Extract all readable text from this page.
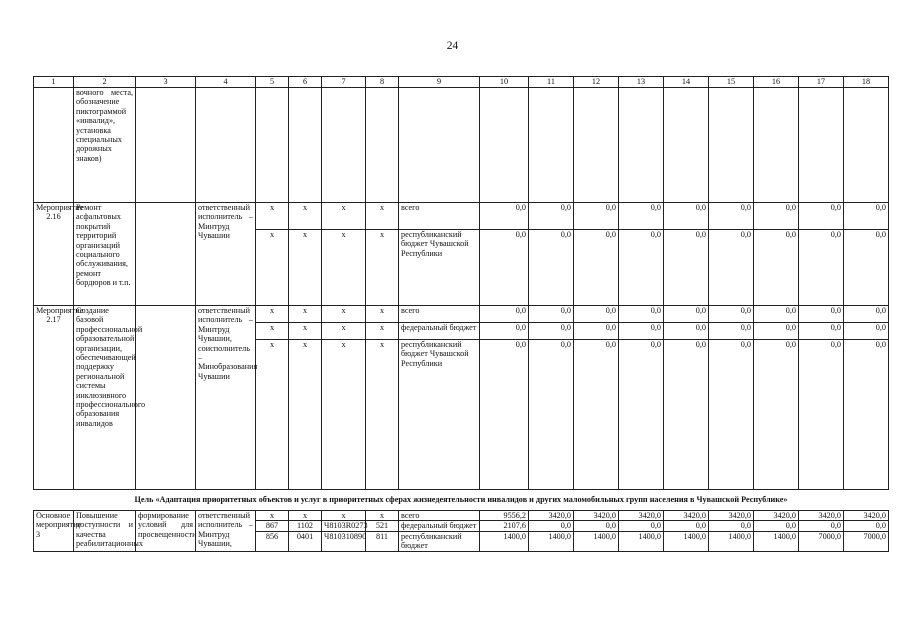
24
1	2	3	4	5	6	7	8	9	10	11	12	13	14	15	16	17	18
	вочного места, обозначение пиктограммой «инвалид», установка специальных дорожных знаков)																
Мероприятие 2.16	Ремонт асфальтовых покрытий территорий организаций социального обслуживания, ремонт бордюров и т.п.		ответственный исполнитель – Минтруд Чувашии	x	x	x	x	всего	0,0	0,0	0,0	0,0	0,0	0,0	0,0	0,0	0,0
				x	x	x	x	республиканский бюджет Чувашской Республики	0,0	0,0	0,0	0,0	0,0	0,0	0,0	0,0	0,0
Мероприятие 2.17	Создание базовой профессиональной образовательной организации, обеспечивающей поддержку региональной системы инклюзивного профессионального образования инвалидов		ответственный исполнитель – Минтруд Чувашии, соисполнитель – Минобразования Чувашии	x	x	x	x	всего	0,0	0,0	0,0	0,0	0,0	0,0	0,0	0,0	0,0
				x	x	x	x	федеральный бюджет	0,0	0,0	0,0	0,0	0,0	0,0	0,0	0,0	0,0
				x	x	x	x	республиканский бюджет Чувашской Республики	0,0	0,0	0,0	0,0	0,0	0,0	0,0	0,0	0,0
Цель «Адаптация приоритетных объектов и услуг в приоритетных сферах жизнедеятельности инвалидов и других маломобильных групп населения в Чувашской Республике»																	
Основное мероприятие 3	Повышение доступности и качества реабилитационных	формирование условий для просвещенности	ответственный исполнитель – Минтруд Чувашии,	x	x	x	x	всего	9556,2	3420,0	3420,0	3420,0	3420,0	3420,0	3420,0	3420,0	3420,0
				867	1102	Ч8103R0273	521	федеральный бюджет	2107,6	0,0	0,0	0,0	0,0	0,0	0,0	0,0	0,0
				856	0401	Ч810310890	811	республиканский бюджет	1400,0	1400,0	1400,0	1400,0	1400,0	1400,0	1400,0	7000,0	7000,0
